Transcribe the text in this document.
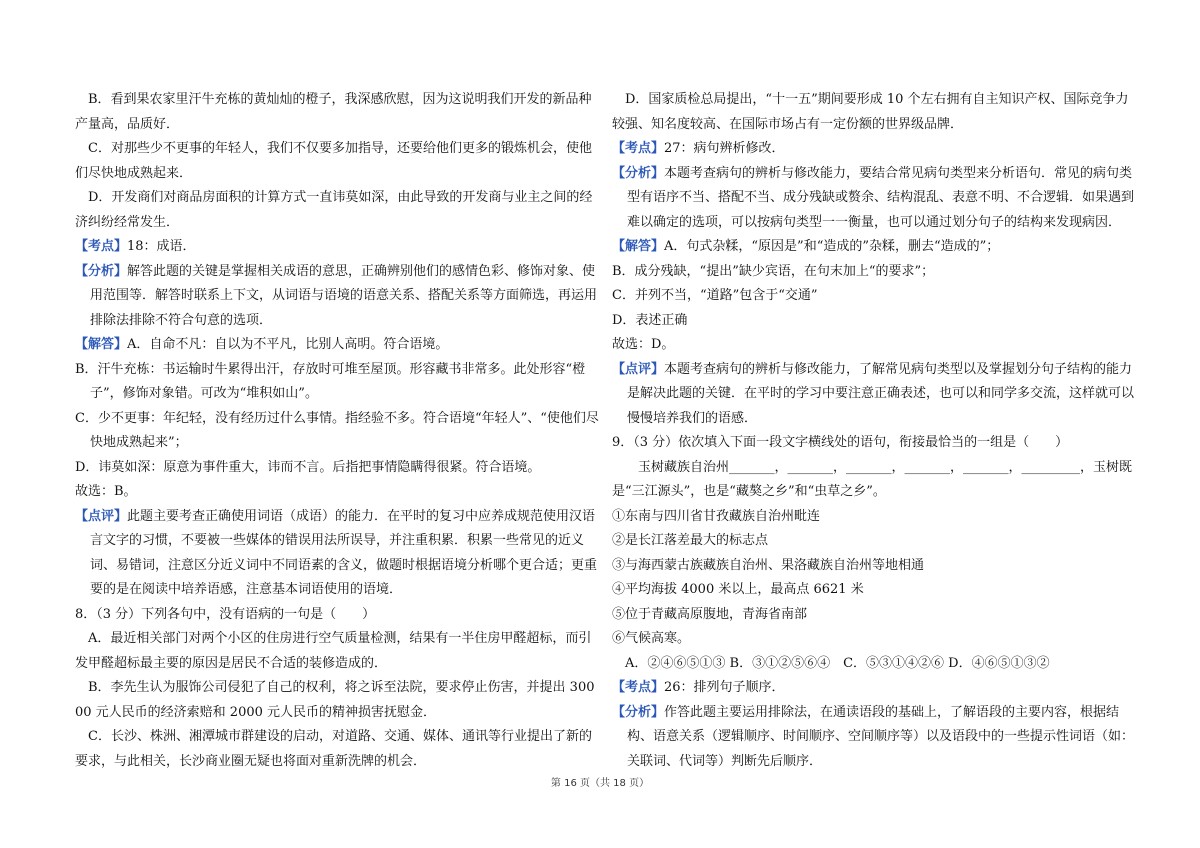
B．看到果农家里汗牛充栋的黄灿灿的橙子，我深感欣慰，因为这说明我们开发的新品种产量高，品质好．

C．对那些少不更事的年轻人，我们不仅要多加指导，还要给他们更多的锻炼机会，使他们尽快地成熟起来．

D．开发商们对商品房面积的计算方式一直讳莫如深，由此导致的开发商与业主之间的经济纠纷经常发生．

【考点】18：成语．

【分析】解答此题的关键是掌握相关成语的意思，正确辨别他们的感情色彩、修饰对象、使用范围等．解答时联系上下文，从词语与语境的语意关系、搭配关系等方面筛选，再运用排除法排除不符合句意的选项．

【解答】A．自命不凡：自以为不平凡，比别人高明。符合语境。

B．汗牛充栋：书运输时牛累得出汗，存放时可堆至屋顶。形容藏书非常多。此处形容“橙子”，修饰对象错。可改为“堆积如山”。

C．少不更事：年纪轻，没有经历过什么事情。指经验不多。符合语境“年轻人”、“使他们尽快地成熟起来”；

D．讳莫如深：原意为事件重大，讳而不言。后指把事情隐瞒得很紧。符合语境。

故选：B。

【点评】此题主要考查正确使用词语（成语）的能力．在平时的复习中应养成规范使用汉语言文字的习惯，不要被一些媒体的错误用法所误导，并注重积累．积累一些常见的近义词、易错词，注意区分近义词中不同语素的含义，做题时根据语境分析哪个更合适；更重要的是在阅读中培养语感，注意基本词语使用的语境．

8．（3 分）下列各句中，没有语病的一句是（　　）

A．最近相关部门对两个小区的住房进行空气质量检测，结果有一半住房甲醛超标，而引发甲醛超标最主要的原因是居民不合适的装修造成的．

B．李先生认为服饰公司侵犯了自己的权利，将之诉至法院，要求停止伤害，并提出 30000 元人民币的经济索赔和 2000 元人民币的精神损害抚慰金．

C．长沙、株洲、湘潭城市群建设的启动，对道路、交通、媒体、通讯等行业提出了新的要求，与此相关，长沙商业圈无疑也将面对重新洗牌的机会．

D．国家质检总局提出，“十一五”期间要形成 10 个左右拥有自主知识产权、国际竞争力较强、知名度较高、在国际市场占有一定份额的世界级品牌．

【考点】27：病句辨析修改．

【分析】本题考查病句的辨析与修改能力，要结合常见病句类型来分析语句．常见的病句类型有语序不当、搭配不当、成分残缺或赘余、结构混乱、表意不明、不合逻辑．如果遇到难以确定的选项，可以按病句类型一一衡量，也可以通过划分句子的结构来发现病因．

【解答】A．句式杂糅，“原因是”和“造成的”杂糅，删去“造成的”；

B．成分残缺，“提出”缺少宾语，在句末加上“的要求”；

C．并列不当，“道路”包含于“交通”

D．表述正确

故选：D。

【点评】本题考查病句的辨析与修改能力，了解常见病句类型以及掌握划分句子结构的能力是解决此题的关键．在平时的学习中要注意正确表述，也可以和同学多交流，这样就可以慢慢培养我们的语感．

9．（3 分）依次填入下面一段文字横线处的语句，衔接最恰当的一组是（　　）

玉树藏族自治州_______，_______，_______，_______，_______，_________，玉树既是“三江源头”，也是“藏獒之乡”和“虫草之乡”。

①东南与四川省甘孜藏族自治州毗连

②是长江落差最大的标志点

③与海西蒙古族藏族自治州、果洛藏族自治州等地相通

④平均海拔 4000 米以上，最高点 6621 米

⑤位于青藏高原腹地，青海省南部

⑥气候高寒。

A．②④⑥⑤①③ B．③①②⑤⑥④　C．⑤③①④②⑥ D．④⑥⑤①③②

【考点】26：排列句子顺序．

【分析】作答此题主要运用排除法，在通读语段的基础上，了解语段的主要内容，根据结构、语意关系（逻辑顺序、时间顺序、空间顺序等）以及语段中的一些提示性词语（如：关联词、代词等）判断先后顺序．

第 16 页（共 18 页）
